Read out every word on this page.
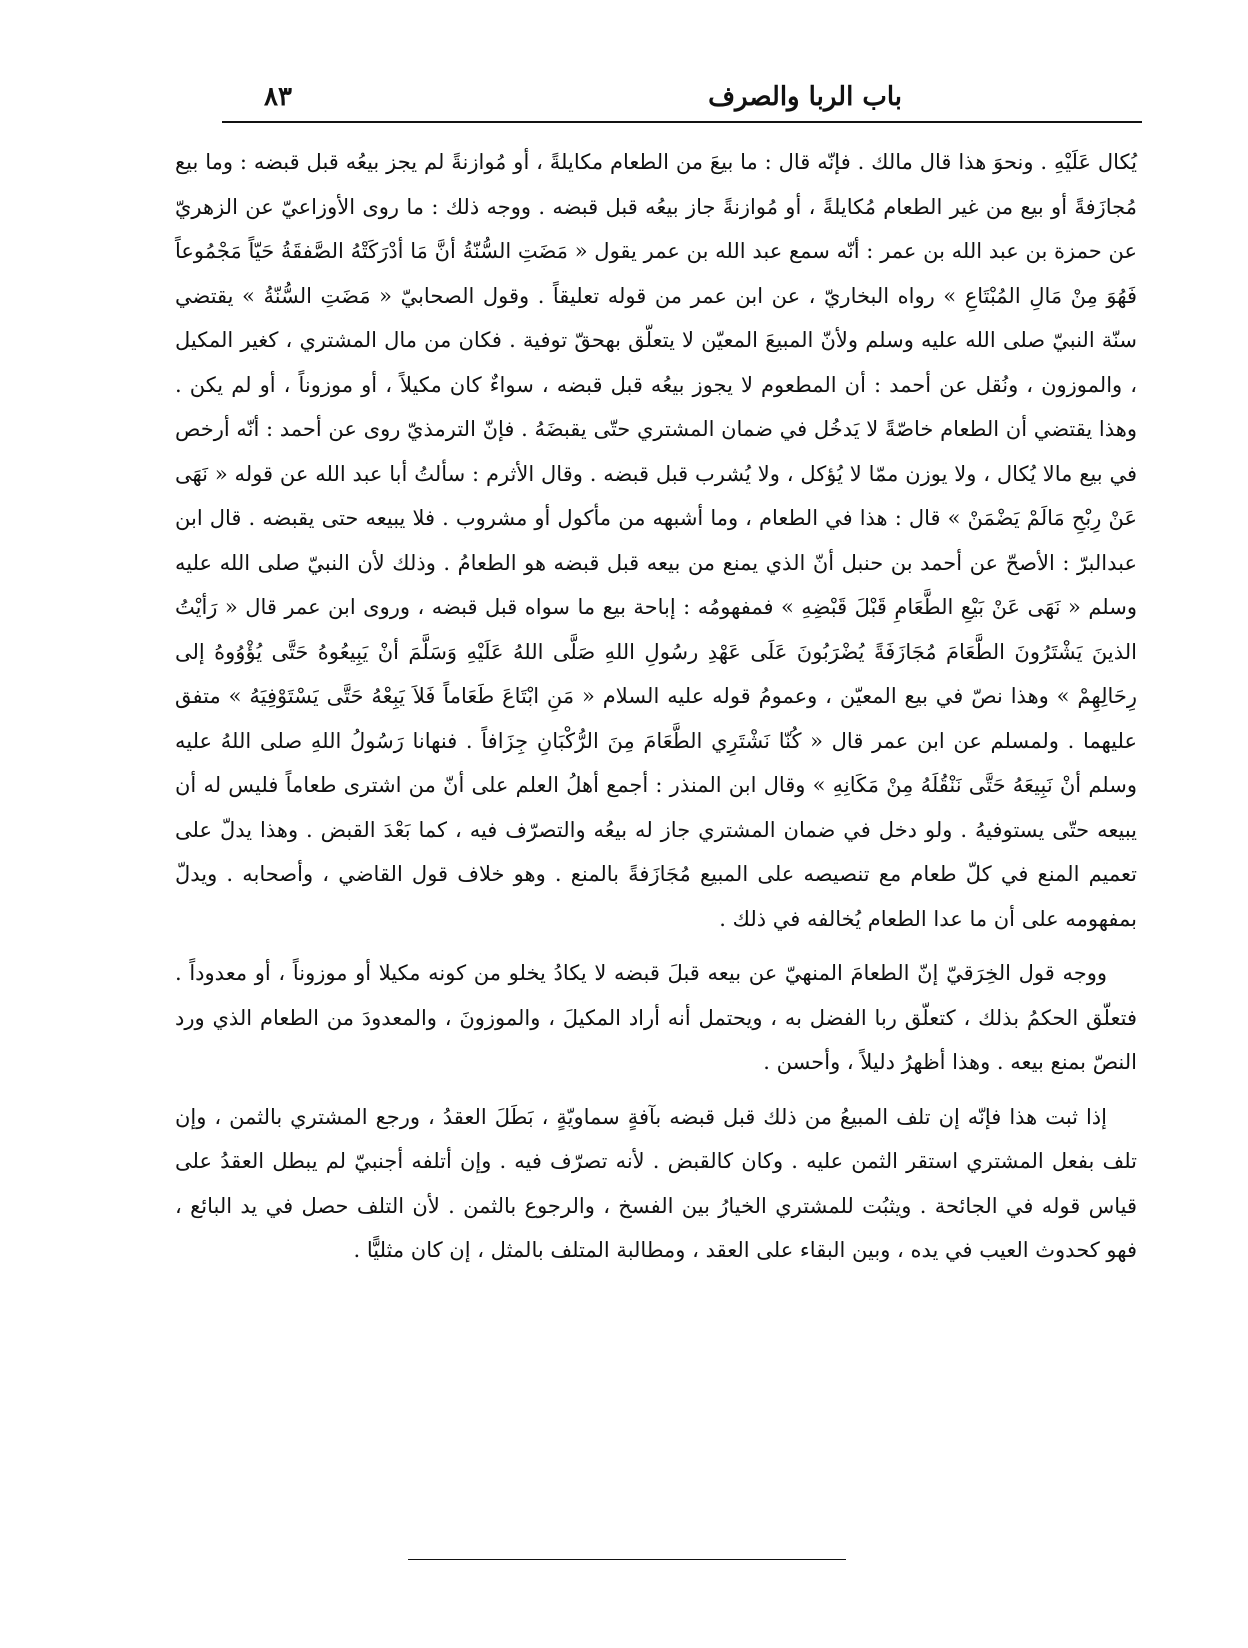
٨٣	باب الربا والصرف

يُكال عَلَيْهِ . ونحوَ هذا قال مالك . فإنّه قال : ما بيعَ من الطعام مكايلةً ، أو مُوازنةً لم يجز بيعُه قبل قبضه : وما بيع مُجازَفةً أو بيع من غير الطعام مُكايلةً ، أو مُوازنةً جاز بيعُه قبل قبضه . ووجه ذلك : ما روى الأوزاعيّ عن الزهريّ عن حمزة بن عبد الله بن عمر : أنّه سمع عبد الله بن عمر يقول « مَضَتِ السُّنّةُ أنَّ مَا أدْرَكَتْهُ الصَّفقَةُ حَيّاً مَجْمُوعاً فَهُوَ مِنْ مَالِ المُبْتَاعِ » رواه البخاريّ ، عن ابن عمر من قوله تعليقاً . وقول الصحابيّ « مَضَتِ السُّنّةُ » يقتضي سنّة النبيّ صلى الله عليه وسلم ولأنّ المبيعَ المعيّن لا يتعلّق بهحقّ توفية . فكان من مال المشتري ، كغير المكيل ، والموزون ، ونُقل عن أحمد : أن المطعوم لا يجوز بيعُه قبل قبضه ، سواءٌ كان مكيلاً ، أو موزوناً ، أو لم يكن . وهذا يقتضي أن الطعام خاصّةً لا يَدخُل في ضمان المشتري حتّى يقبضَهُ . فإنّ الترمذيّ روى عن أحمد : أنّه أرخص في بيع مالا يُكال ، ولا يوزن ممّا لا يُؤكل ، ولا يُشرب قبل قبضه . وقال الأثرم : سألتُ أبا عبد الله عن قوله « نَهَى عَنْ رِبْحِ مَالَمْ يَضْمَنْ » قال : هذا في الطعام ، وما أشبهه من مأكول أو مشروب . فلا يبيعه حتى يقبضه . قال ابن عبدالبرّ : الأصحّ عن أحمد بن حنبل أنّ الذي يمنع من بيعه قبل قبضه هو الطعامُ . وذلك لأن النبيّ صلى الله عليه وسلم « نَهَى عَنْ بَيْعِ الطَّعَامِ قَبْلَ قَبْضِهِ » فمفهومُه : إباحة بيع ما سواه قبل قبضه ، وروى ابن عمر قال « رَأيْتُ الذينَ يَشْتَرُونَ الطَّعَامَ مُجَازَفَةً يُضْرَبُونَ عَلَى عَهْدِ رسُولِ اللهِ صَلَّى اللهُ عَلَيْهِ وَسَلَّمَ أنْ يَبِيعُوهُ حَتَّى يُؤْوُوهُ إلى رِحَالِهِمْ » وهذا نصّ في بيع المعيّن ، وعمومُ قوله عليه السلام « مَنِ ابْتَاعَ طَعَاماً فَلاَ يَبِعْهُ حَتَّى يَسْتَوْفِيَهُ » متفق عليهما . ولمسلم عن ابن عمر قال « كُنّا نَشْتَرِي الطَّعَامَ مِنَ الرُّكْبَانِ جِزَافاً . فنهانا رَسُولُ اللهِ صلى اللهُ عليه وسلم أنْ نَبِيعَهُ حَتَّى نَنْقُلَهُ مِنْ مَكَانِهِ » وقال ابن المنذر : أجمع أهلُ العلم على أنّ من اشترى طعاماً فليس له أن يبيعه حتّى يستوفيهُ . ولو دخل في ضمان المشتري جاز له بيعُه والتصرّف فيه ، كما بَعْدَ القبض . وهذا يدلّ على تعميم المنع في كلّ طعام مع تنصيصه على المبيع مُجَازَفةً بالمنع . وهو خلاف قول القاضي ، وأصحابه . ويدلّ بمفهومه على أن ما عدا الطعام يُخالفه في ذلك .

ووجه قول الخِرَقيّ إنّ الطعامَ المنهيّ عن بيعه قبلَ قبضه لا يكادُ يخلو من كونه مكيلا أو موزوناً ، أو معدوداً . فتعلّق الحكمُ بذلك ، كتعلّق ربا الفضل به ، ويحتمل أنه أراد المكيلَ ، والموزونَ ، والمعدودَ من الطعام الذي ورد النصّ بمنع بيعه . وهذا أظهرُ دليلاً ، وأحسن .

إذا ثبت هذا فإنّه إن تلف المبيعُ من ذلك قبل قبضه بآفةٍ سماويّةٍ ، بَطَلَ العقدُ ، ورجع المشتري بالثمن ، وإن تلف بفعل المشتري استقر الثمن عليه . وكان كالقبض . لأنه تصرّف فيه . وإن أتلفه أجنبيّ لم يبطل العقدُ على قياس قوله في الجائحة . ويثبُت للمشتري الخيارُ بين الفسخ ، والرجوع بالثمن . لأن التلف حصل في يد البائع ، فهو كحدوث العيب في يده ، وبين البقاء على العقد ، ومطالبة المتلف بالمثل ، إن كان مثليًّا .
